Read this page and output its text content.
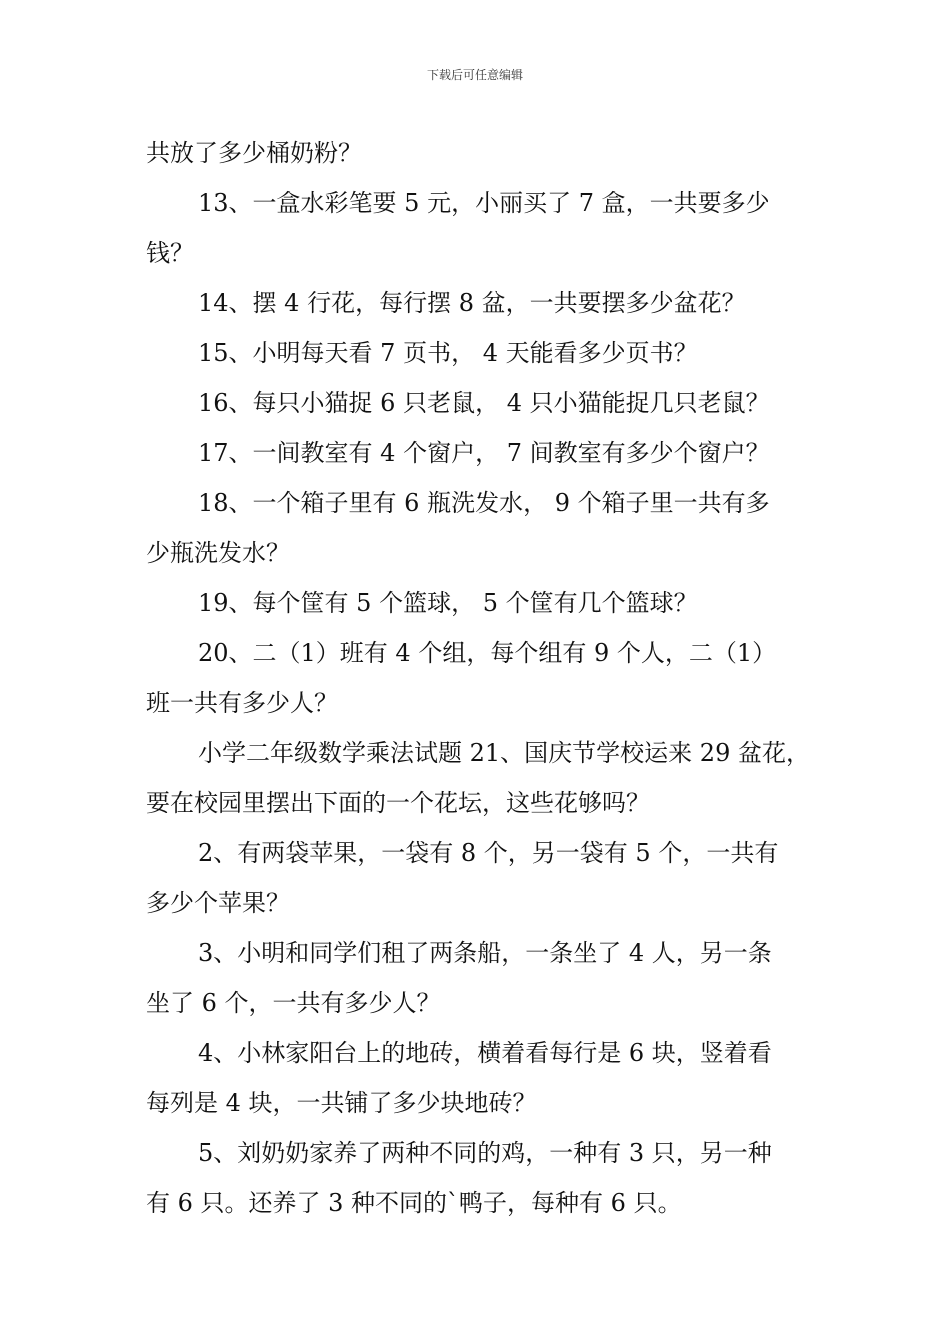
下载后可任意编辑
共放了多少桶奶粉？
13、一盒水彩笔要 5 元，小丽买了 7 盒，一共要多少
钱？
14、摆 4 行花，每行摆 8 盆，一共要摆多少盆花？
15、小明每天看 7 页书， 4 天能看多少页书？
16、每只小猫捉 6 只老鼠， 4 只小猫能捉几只老鼠？
17、一间教室有 4 个窗户， 7 间教室有多少个窗户？
18、一个箱子里有 6 瓶洗发水， 9 个箱子里一共有多
少瓶洗发水？
19、每个筐有 5 个篮球， 5 个筐有几个篮球？
20、二（1）班有 4 个组，每个组有 9 个人，二（1）
班一共有多少人？
小学二年级数学乘法试题 21、国庆节学校运来 29 盆花，
要在校园里摆出下面的一个花坛，这些花够吗？
2、有两袋苹果，一袋有 8 个，另一袋有 5 个，一共有
多少个苹果？
3、小明和同学们租了两条船，一条坐了 4 人，另一条
坐了 6 个，一共有多少人？
4、小林家阳台上的地砖，横着看每行是 6 块，竖着看
每列是 4 块，一共铺了多少块地砖？
5、刘奶奶家养了两种不同的鸡，一种有 3 只，另一种
有 6 只。还养了 3 种不同的`鸭子，每种有 6 只。
